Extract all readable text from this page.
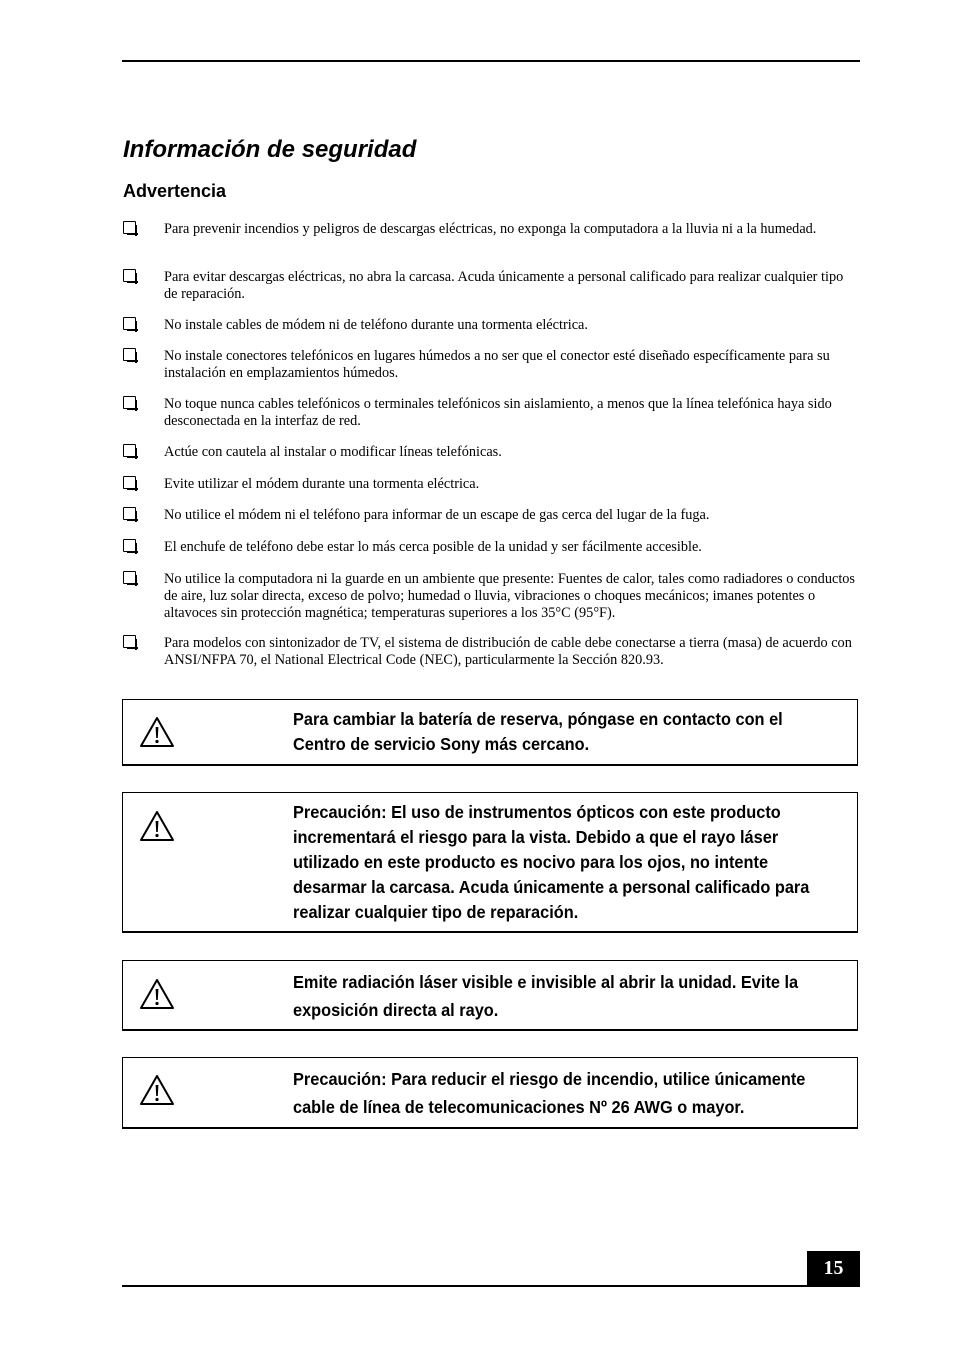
Información de seguridad
Advertencia
Para prevenir incendios y peligros de descargas eléctricas, no exponga la computadora a la lluvia ni a la humedad.
Para evitar descargas eléctricas, no abra la carcasa. Acuda únicamente a personal calificado para realizar cualquier tipo de reparación.
No instale cables de módem ni de teléfono durante una tormenta eléctrica.
No instale conectores telefónicos en lugares húmedos a no ser que el conector esté diseñado específicamente para su instalación en emplazamientos húmedos.
No toque nunca cables telefónicos o terminales telefónicos sin aislamiento, a menos que la línea telefónica haya sido desconectada en la interfaz de red.
Actúe con cautela al instalar o modificar líneas telefónicas.
Evite utilizar el módem durante una tormenta eléctrica.
No utilice el módem ni el teléfono para informar de un escape de gas cerca del lugar de la fuga.
El enchufe de teléfono debe estar lo más cerca posible de la unidad y ser fácilmente accesible.
No utilice la computadora ni la guarde en un ambiente que presente: Fuentes de calor, tales como radiadores o conductos de aire, luz solar directa, exceso de polvo; humedad o lluvia, vibraciones o choques mecánicos; imanes potentes o altavoces sin protección magnética; temperaturas superiores a los 35°C (95°F).
Para modelos con sintonizador de TV, el sistema de distribución de cable debe conectarse a tierra (masa) de acuerdo con ANSI/NFPA 70, el National Electrical Code (NEC), particularmente la Sección 820.93.
Para cambiar la batería de reserva, póngase en contacto con el Centro de servicio Sony más cercano.
Precaución: El uso de instrumentos ópticos con este producto incrementará el riesgo para la vista. Debido a que el rayo láser utilizado en este producto es nocivo para los ojos, no intente desarmar la carcasa. Acuda únicamente a personal calificado para realizar cualquier tipo de reparación.
Emite radiación láser visible e invisible al abrir la unidad. Evite la exposición directa al rayo.
Precaución: Para reducir el riesgo de incendio, utilice únicamente cable de línea de telecomunicaciones Nº 26 AWG o mayor.
15
